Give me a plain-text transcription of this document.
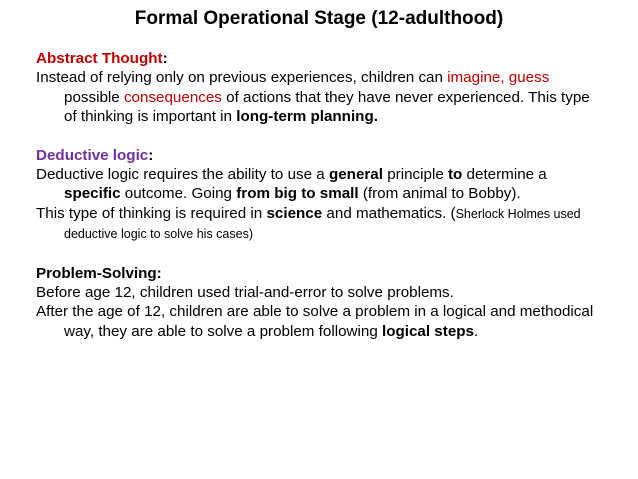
Formal Operational Stage (12-adulthood)

Abstract Thought:

Instead of relying only on previous experiences, children can imagine, guess possible consequences of actions that they have never experienced. This type of thinking is important in long-term planning.

Deductive logic:

Deductive logic requires the ability to use a general principle to determine a specific outcome. Going from big to small (from animal to Bobby).

This type of thinking is required in science and mathematics. (Sherlock Holmes used deductive logic to solve his cases)

Problem-Solving:

Before age 12, children used trial-and-error to solve problems.

After the age of 12, children are able to solve a problem in a logical and methodical way, they are able to solve a problem following logical steps.
